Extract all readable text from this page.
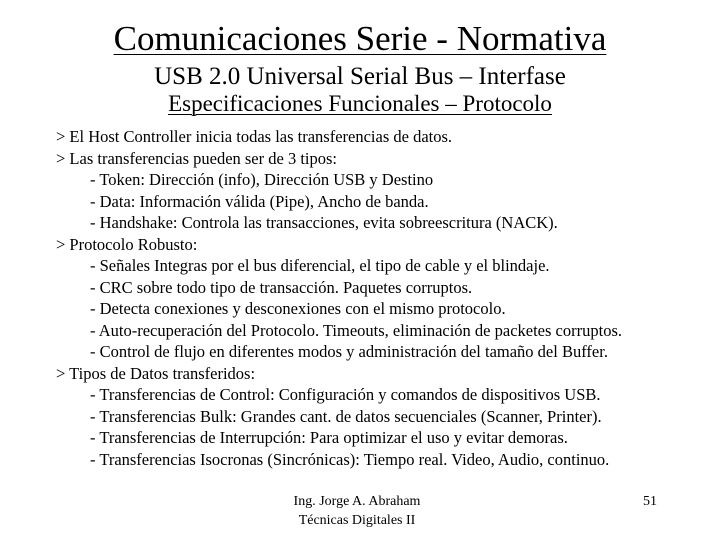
Comunicaciones Serie - Normativa
USB 2.0 Universal Serial Bus – Interfase
Especificaciones Funcionales – Protocolo
> El Host Controller inicia todas las transferencias de datos.
> Las transferencias pueden ser de 3 tipos:
- Token: Dirección (info), Dirección USB y Destino
- Data: Información válida (Pipe), Ancho de banda.
- Handshake: Controla las transacciones, evita sobreescritura (NACK).
> Protocolo Robusto:
- Señales Integras por el bus diferencial, el tipo de cable y el blindaje.
- CRC sobre todo tipo de transacción. Paquetes corruptos.
- Detecta conexiones y desconexiones con el mismo protocolo.
- Auto-recuperación del Protocolo. Timeouts, eliminación de packetes corruptos.
- Control de flujo en diferentes modos y administración del tamaño del Buffer.
> Tipos de Datos transferidos:
- Transferencias de Control: Configuración y comandos de dispositivos USB.
- Transferencias Bulk: Grandes cant. de datos secuenciales (Scanner, Printer).
- Transferencias de Interrupción: Para optimizar el uso y evitar demoras.
- Transferencias Isocronas (Sincrónicas): Tiempo real. Video, Audio, continuo.
Ing. Jorge A. Abraham
Técnicas Digitales II
51
